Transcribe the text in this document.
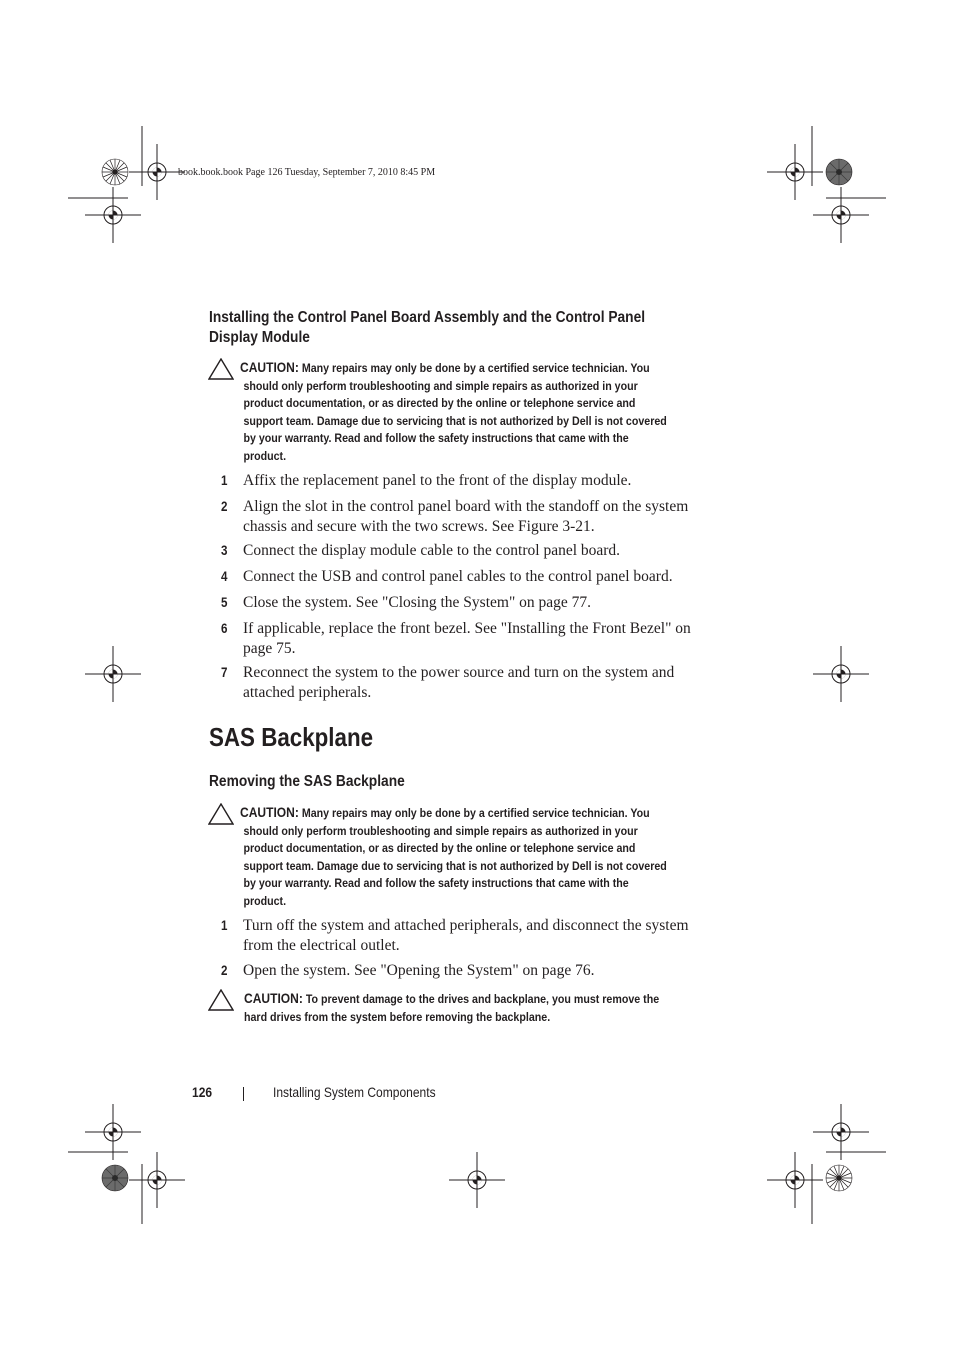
book.book.book Page 126 Tuesday, September 7, 2010 8:45 PM
Installing the Control Panel Board Assembly and the Control Panel
Display Module
CAUTION: Many repairs may only be done by a certified service technician. You
should only perform troubleshooting and simple repairs as authorized in your
product documentation, or as directed by the online or telephone service and
support team. Damage due to servicing that is not authorized by Dell is not covered
by your warranty. Read and follow the safety instructions that came with the
product.
1 Affix the replacement panel to the front of the display module.
2 Align the slot in the control panel board with the standoff on the system
chassis and secure with the two screws. See Figure 3-21.
3 Connect the display module cable to the control panel board.
4 Connect the USB and control panel cables to the control panel board.
5 Close the system. See "Closing the System" on page 77.
6 If applicable, replace the front bezel. See "Installing the Front Bezel" on
page 75.
7 Reconnect the system to the power source and turn on the system and
attached peripherals.
SAS Backplane
Removing the SAS Backplane
CAUTION: Many repairs may only be done by a certified service technician. You
should only perform troubleshooting and simple repairs as authorized in your
product documentation, or as directed by the online or telephone service and
support team. Damage due to servicing that is not authorized by Dell is not covered
by your warranty. Read and follow the safety instructions that came with the
product.
1 Turn off the system and attached peripherals, and disconnect the system
from the electrical outlet.
2 Open the system. See "Opening the System" on page 76.
CAUTION: To prevent damage to the drives and backplane, you must remove the
hard drives from the system before removing the backplane.
126	Installing System Components
